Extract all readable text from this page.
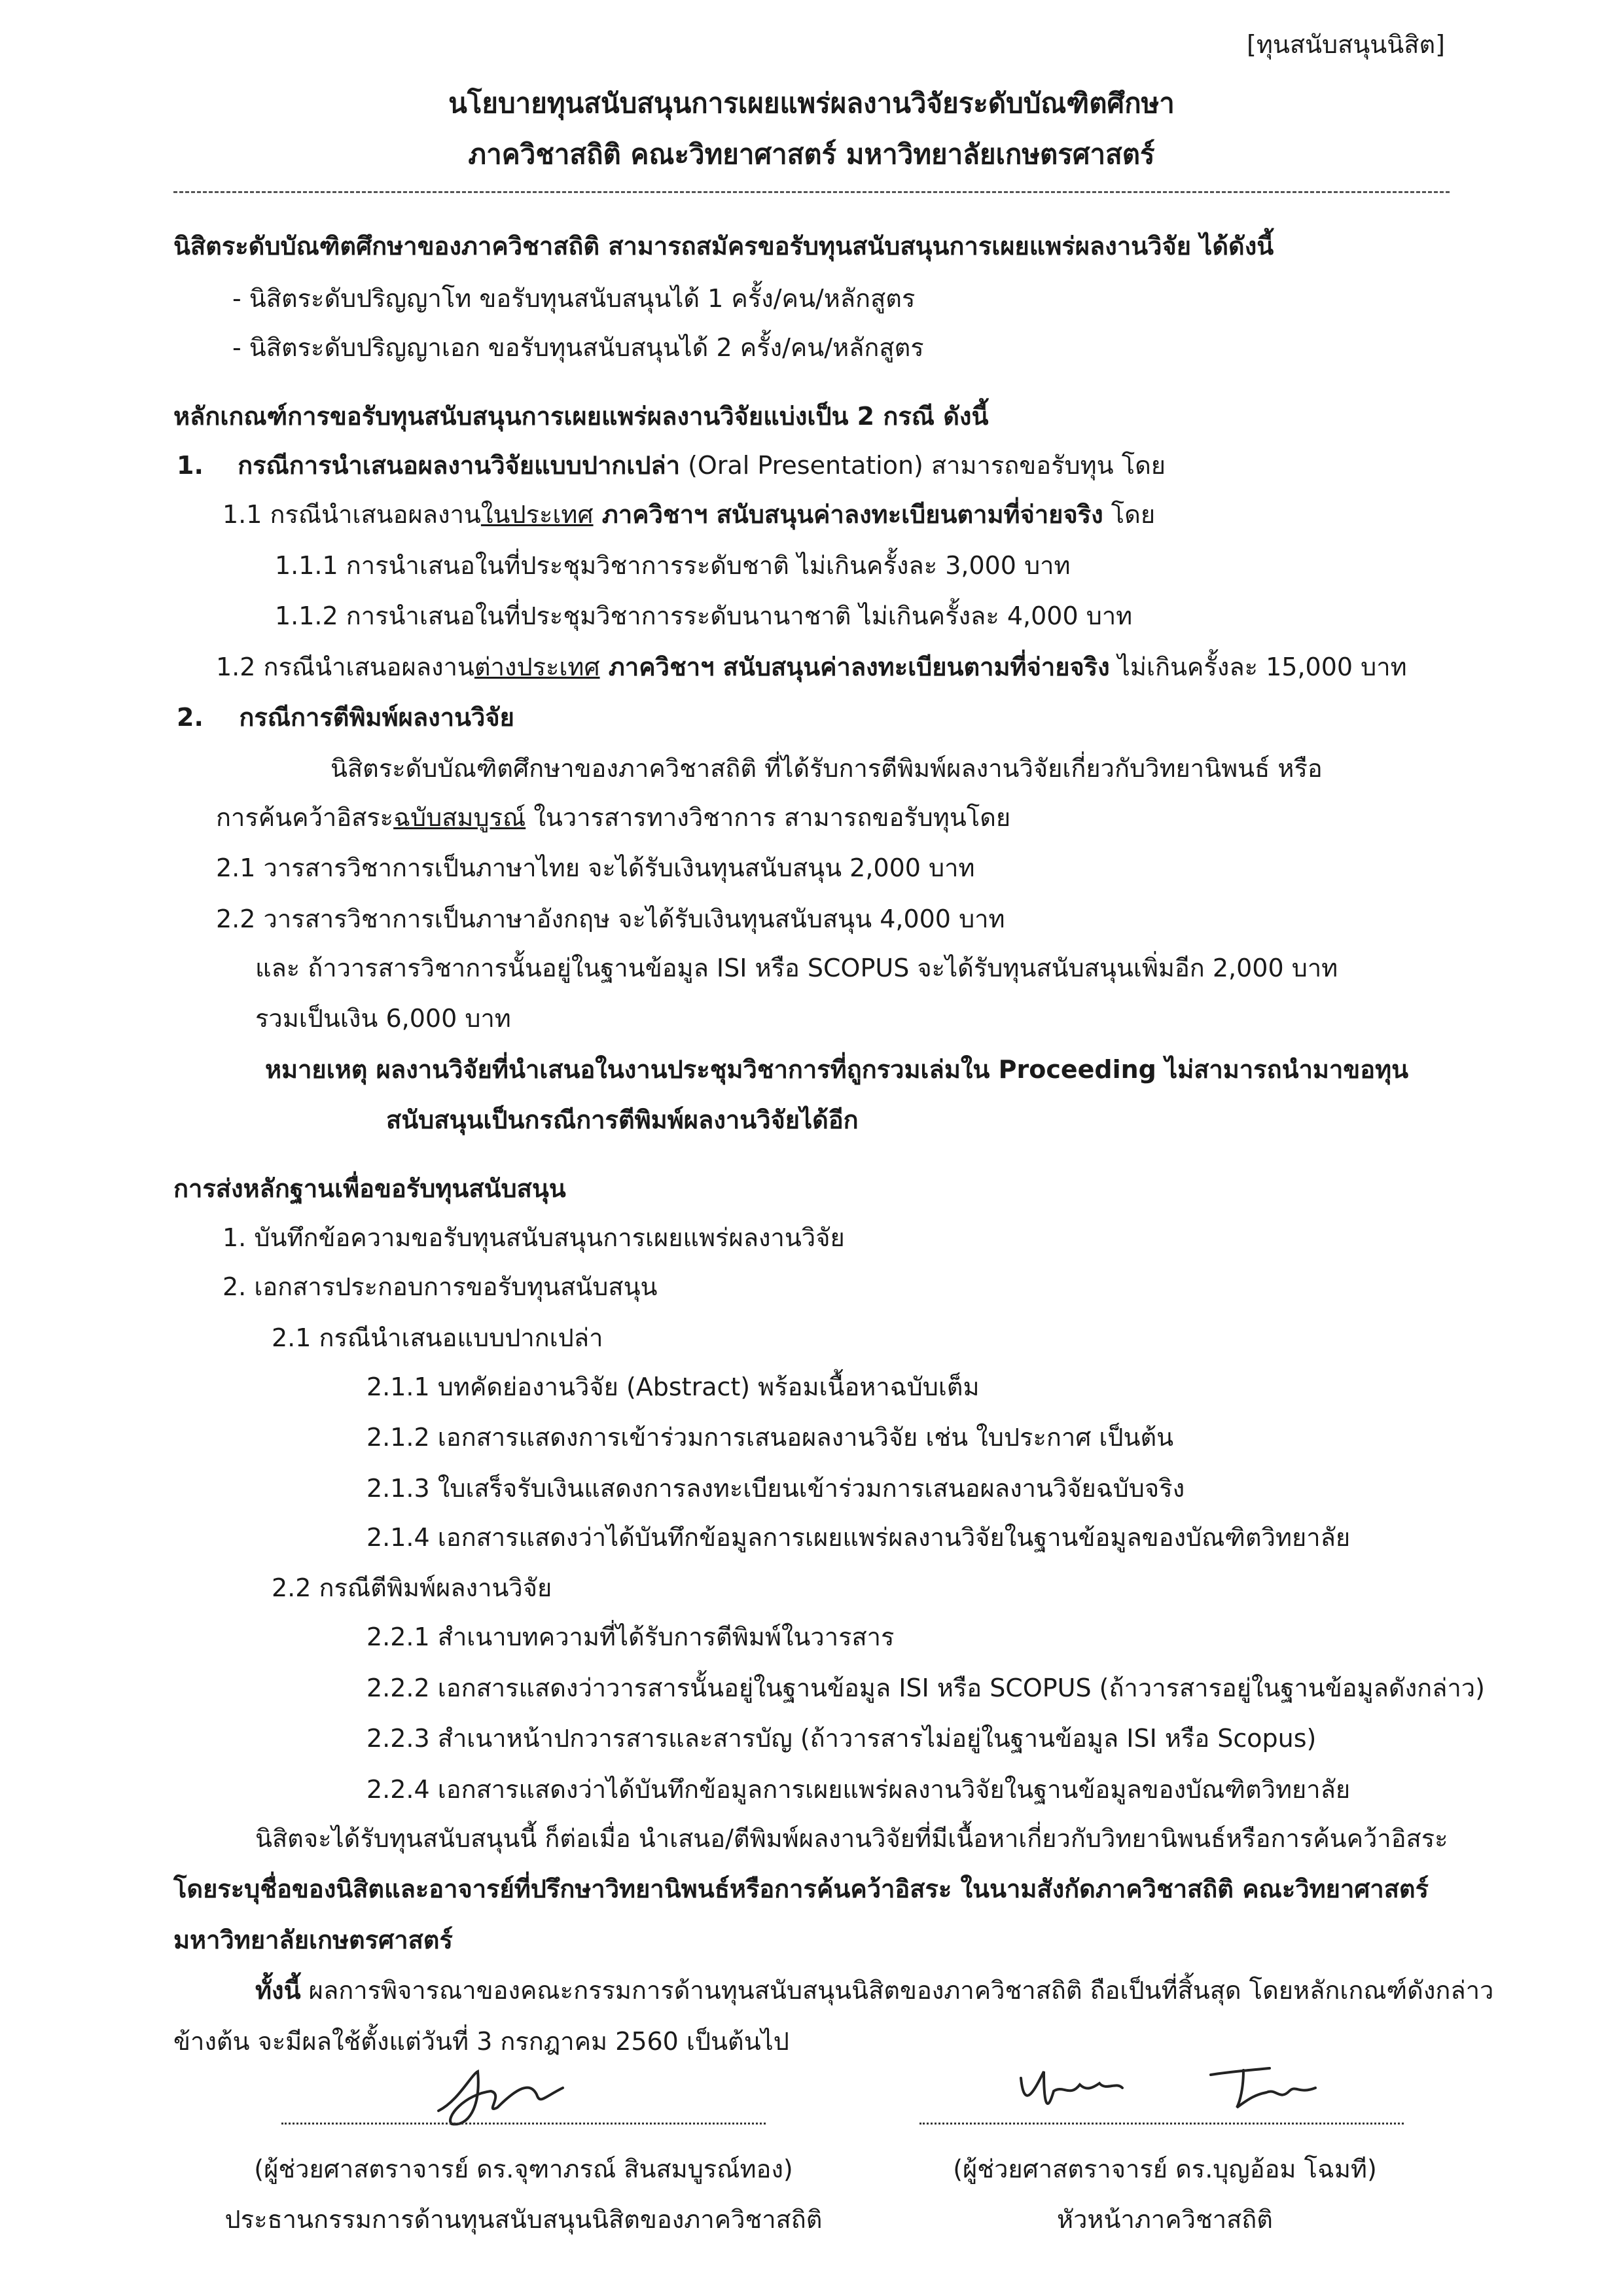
[ทุนสนับสนุนนิสิต]
นโยบายทุนสนับสนุนการเผยแพร่ผลงานวิจัยระดับบัณฑิตศึกษา
ภาควิชาสถิติ คณะวิทยาศาสตร์ มหาวิทยาลัยเกษตรศาสตร์
นิสิตระดับบัณฑิตศึกษาของภาควิชาสถิติ สามารถสมัครขอรับทุนสนับสนุนการเผยแพร่ผลงานวิจัย ได้ดังนี้
- นิสิตระดับปริญญาโท ขอรับทุนสนับสนุนได้ 1 ครั้ง/คน/หลักสูตร
- นิสิตระดับปริญญาเอก ขอรับทุนสนับสนุนได้ 2 ครั้ง/คน/หลักสูตร
หลักเกณฑ์การขอรับทุนสนับสนุนการเผยแพร่ผลงานวิจัยแบ่งเป็น 2 กรณี ดังนี้
1. กรณีการนำเสนอผลงานวิจัยแบบปากเปล่า (Oral Presentation) สามารถขอรับทุน โดย
1.1 กรณีนำเสนอผลงานในประเทศ ภาควิชาฯ สนับสนุนค่าลงทะเบียนตามที่จ่ายจริง โดย
1.1.1 การนำเสนอในที่ประชุมวิชาการระดับชาติ ไม่เกินครั้งละ 3,000 บาท
1.1.2 การนำเสนอในที่ประชุมวิชาการระดับนานาชาติ ไม่เกินครั้งละ 4,000 บาท
1.2 กรณีนำเสนอผลงานต่างประเทศ ภาควิชาฯ สนับสนุนค่าลงทะเบียนตามที่จ่ายจริง ไม่เกินครั้งละ 15,000 บาท
2. กรณีการตีพิมพ์ผลงานวิจัย
นิสิตระดับบัณฑิตศึกษาของภาควิชาสถิติ ที่ได้รับการตีพิมพ์ผลงานวิจัยเกี่ยวกับวิทยานิพนธ์ หรือ
การค้นคว้าอิสระฉบับสมบูรณ์ ในวารสารทางวิชาการ สามารถขอรับทุนโดย
2.1 วารสารวิชาการเป็นภาษาไทย จะได้รับเงินทุนสนับสนุน 2,000 บาท
2.2 วารสารวิชาการเป็นภาษาอังกฤษ จะได้รับเงินทุนสนับสนุน 4,000 บาท
และ ถ้าวารสารวิชาการนั้นอยู่ในฐานข้อมูล ISI หรือ SCOPUS จะได้รับทุนสนับสนุนเพิ่มอีก 2,000 บาท
รวมเป็นเงิน 6,000 บาท
หมายเหตุ ผลงานวิจัยที่นำเสนอในงานประชุมวิชาการที่ถูกรวมเล่มใน Proceeding ไม่สามารถนำมาขอทุน
สนับสนุนเป็นกรณีการตีพิมพ์ผลงานวิจัยได้อีก
การส่งหลักฐานเพื่อขอรับทุนสนับสนุน
1. บันทึกข้อความขอรับทุนสนับสนุนการเผยแพร่ผลงานวิจัย
2. เอกสารประกอบการขอรับทุนสนับสนุน
2.1 กรณีนำเสนอแบบปากเปล่า
2.1.1 บทคัดย่องานวิจัย (Abstract) พร้อมเนื้อหาฉบับเต็ม
2.1.2 เอกสารแสดงการเข้าร่วมการเสนอผลงานวิจัย เช่น ใบประกาศ เป็นต้น
2.1.3 ใบเสร็จรับเงินแสดงการลงทะเบียนเข้าร่วมการเสนอผลงานวิจัยฉบับจริง
2.1.4 เอกสารแสดงว่าได้บันทึกข้อมูลการเผยแพร่ผลงานวิจัยในฐานข้อมูลของบัณฑิตวิทยาลัย
2.2 กรณีตีพิมพ์ผลงานวิจัย
2.2.1 สำเนาบทความที่ได้รับการตีพิมพ์ในวารสาร
2.2.2 เอกสารแสดงว่าวารสารนั้นอยู่ในฐานข้อมูล ISI หรือ SCOPUS (ถ้าวารสารอยู่ในฐานข้อมูลดังกล่าว)
2.2.3 สำเนาหน้าปกวารสารและสารบัญ (ถ้าวารสารไม่อยู่ในฐานข้อมูล ISI หรือ Scopus)
2.2.4 เอกสารแสดงว่าได้บันทึกข้อมูลการเผยแพร่ผลงานวิจัยในฐานข้อมูลของบัณฑิตวิทยาลัย
นิสิตจะได้รับทุนสนับสนุนนี้ ก็ต่อเมื่อ นำเสนอ/ตีพิมพ์ผลงานวิจัยที่มีเนื้อหาเกี่ยวกับวิทยานิพนธ์หรือการค้นคว้าอิสระ
โดยระบุชื่อของนิสิตและอาจารย์ที่ปรึกษาวิทยานิพนธ์หรือการค้นคว้าอิสระ ในนามสังกัดภาควิชาสถิติ คณะวิทยาศาสตร์
มหาวิทยาลัยเกษตรศาสตร์
ทั้งนี้ ผลการพิจารณาของคณะกรรมการด้านทุนสนับสนุนนิสิตของภาควิชาสถิติ ถือเป็นที่สิ้นสุด โดยหลักเกณฑ์ดังกล่าว
ข้างต้น จะมีผลใช้ตั้งแต่วันที่ 3 กรกฎาคม 2560 เป็นต้นไป
(ผู้ช่วยศาสตราจารย์ ดร.จุฑาภรณ์ สินสมบูรณ์ทอง)
ประธานกรรมการด้านทุนสนับสนุนนิสิตของภาควิชาสถิติ
(ผู้ช่วยศาสตราจารย์ ดร.บุญอ้อม โฉมที)
หัวหน้าภาควิชาสถิติ
